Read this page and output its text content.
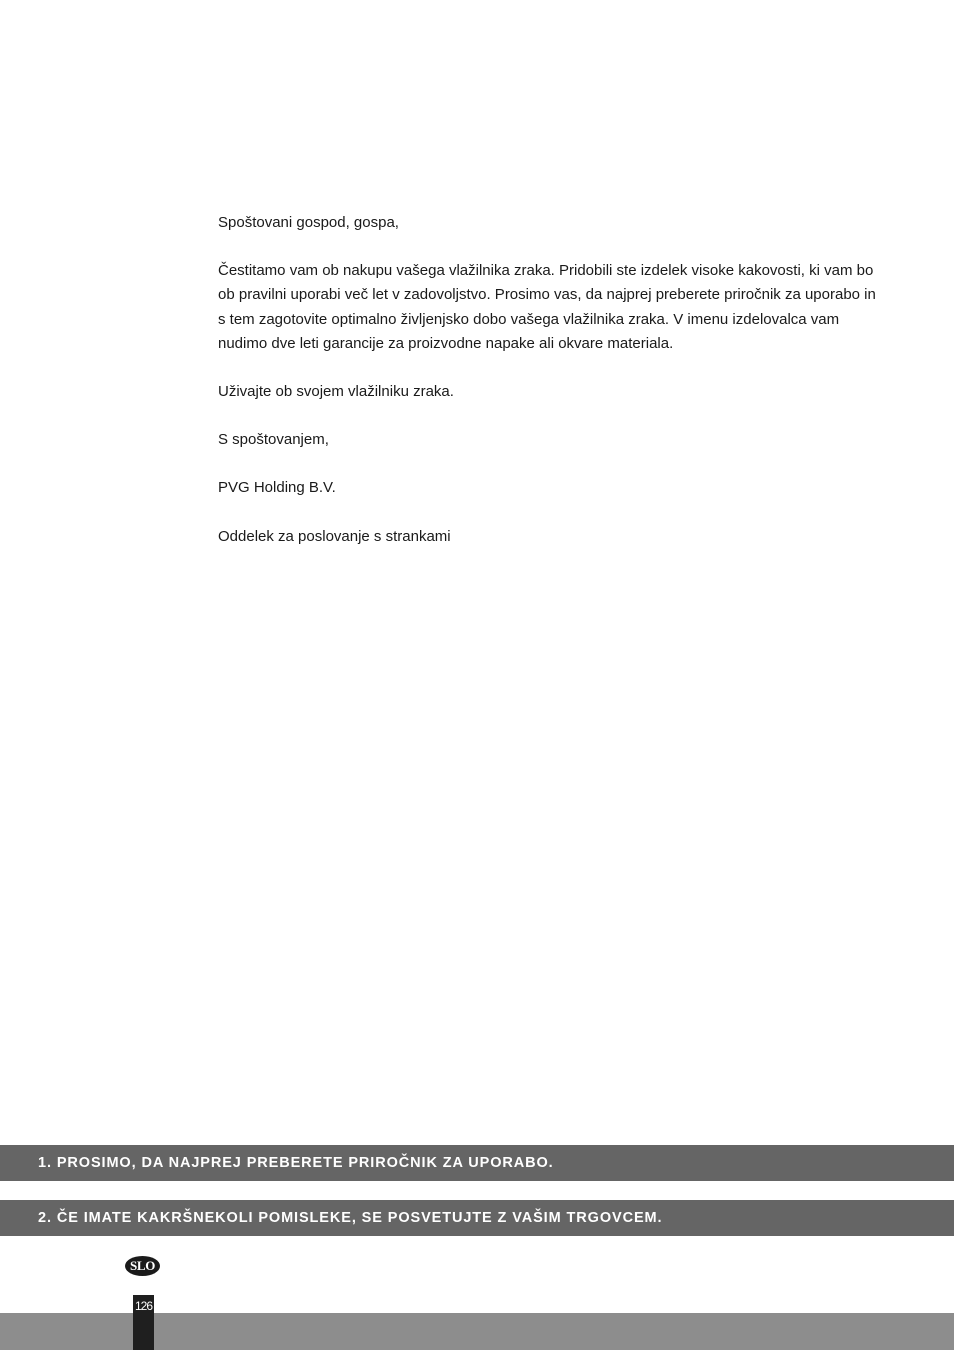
Spoštovani gospod, gospa,

Čestitamo vam ob nakupu vašega vlažilnika zraka. Pridobili ste izdelek visoke kakovosti, ki vam bo ob pravilni uporabi več let v zadovoljstvo. Prosimo vas, da najprej preberete priročnik za uporabo in s tem zagotovite optimalno življenjsko dobo vašega vlažilnika zraka. V imenu izdelovalca vam nudimo dve leti garancije za proizvodne napake ali okvare materiala.

Uživajte ob svojem vlažilniku zraka.

S spoštovanjem,

PVG Holding B.V.

Oddelek za poslovanje s strankami

1. PROSIMO, DA NAJPREJ PREBERETE PRIROČNIK ZA UPORABO.
2. ČE IMATE KAKRŠNEKOLI POMISLEKE, SE POSVETUJTE Z VAŠIM TRGOVCEM.
SLO
126
